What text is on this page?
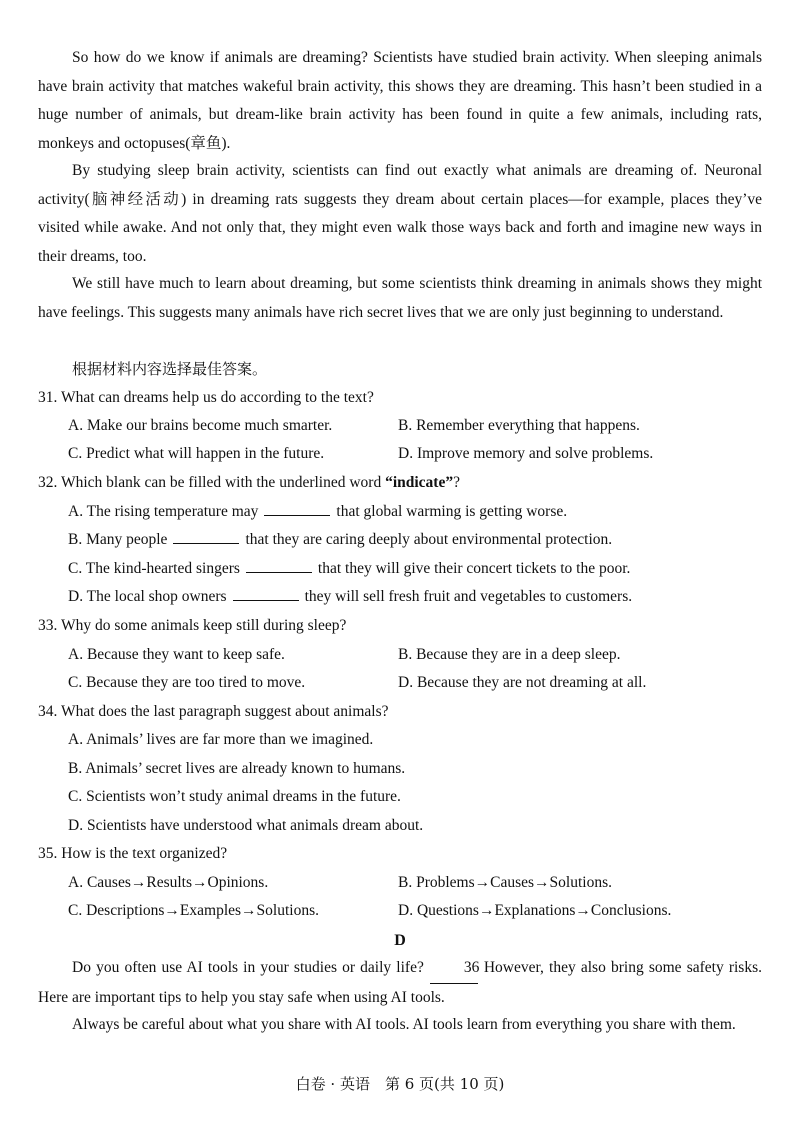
So how do we know if animals are dreaming? Scientists have studied brain activity. When sleeping animals have brain activity that matches wakeful brain activity, this shows they are dreaming. This hasn’t been studied in a huge number of animals, but dream-like brain activity has been found in quite a few animals, including rats, monkeys and octopuses(章鱼).

By studying sleep brain activity, scientists can find out exactly what animals are dreaming of. Neuronal activity(脑神经活动) in dreaming rats suggests they dream about certain places—for example, places they’ve visited while awake. And not only that, they might even walk those ways back and forth and imagine new ways in their dreams, too.

We still have much to learn about dreaming, but some scientists think dreaming in animals shows they might have feelings. This suggests many animals have rich secret lives that we are only just beginning to understand.

根据材料内容选择最佳答案。

31. What can dreams help us do according to the text?

A. Make our brains become much smarter.	B. Remember everything that happens.

C. Predict what will happen in the future.	D. Improve memory and solve problems.

32. Which blank can be filled with the underlined word “indicate”?

A. The rising temperature may	that global warming is getting worse.

B. Many people	that they are caring deeply about environmental protection.

C. The kind-hearted singers	that they will give their concert tickets to the poor.

D. The local shop owners	they will sell fresh fruit and vegetables to customers.

33. Why do some animals keep still during sleep?

A. Because they want to keep safe.	B. Because they are in a deep sleep.

C. Because they are too tired to move.	D. Because they are not dreaming at all.

34. What does the last paragraph suggest about animals?

A. Animals’ lives are far more than we imagined.

B. Animals’ secret lives are already known to humans.

C. Scientists won’t study animal dreams in the future.

D. Scientists have understood what animals dream about.

35. How is the text organized?

A. Causes→Results→Opinions.	B. Problems→Causes→Solutions.

C. Descriptions→Examples→Solutions.	D. Questions→Explanations→Conclusions.

D

Do you often use AI tools in your studies or daily life?	36 However, they also bring some safety risks. Here are important tips to help you stay safe when using AI tools.

Always be careful about what you share with AI tools. AI tools learn from everything you share with them.

白卷 · 英语　第 6 页(共 10 页)
